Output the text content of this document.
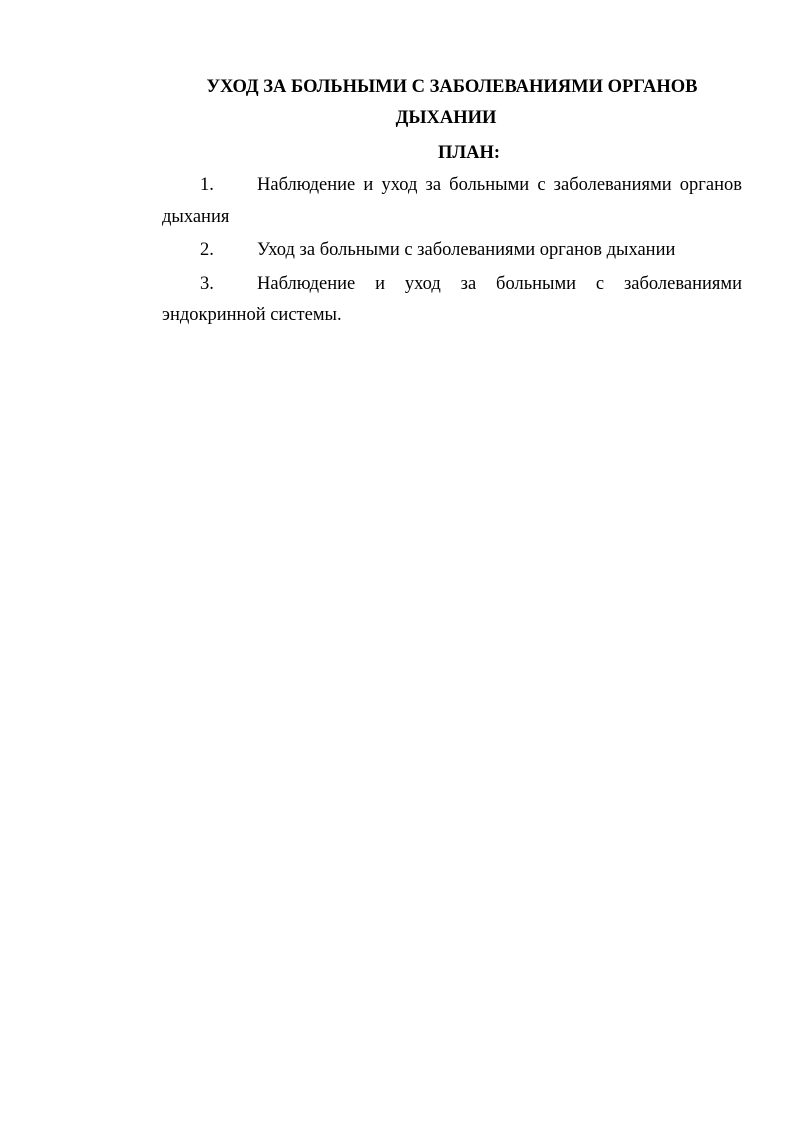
УХОД ЗА БОЛЬНЫМИ С ЗАБОЛЕВАНИЯМИ ОРГАНОВ
ДЫХАНИИ
ПЛАН:
1. Наблюдение и уход за больными с заболеваниями органов дыхания
2. Уход за больными с заболеваниями органов дыхании
3. Наблюдение и уход за больными с заболеваниями эндокринной системы.
